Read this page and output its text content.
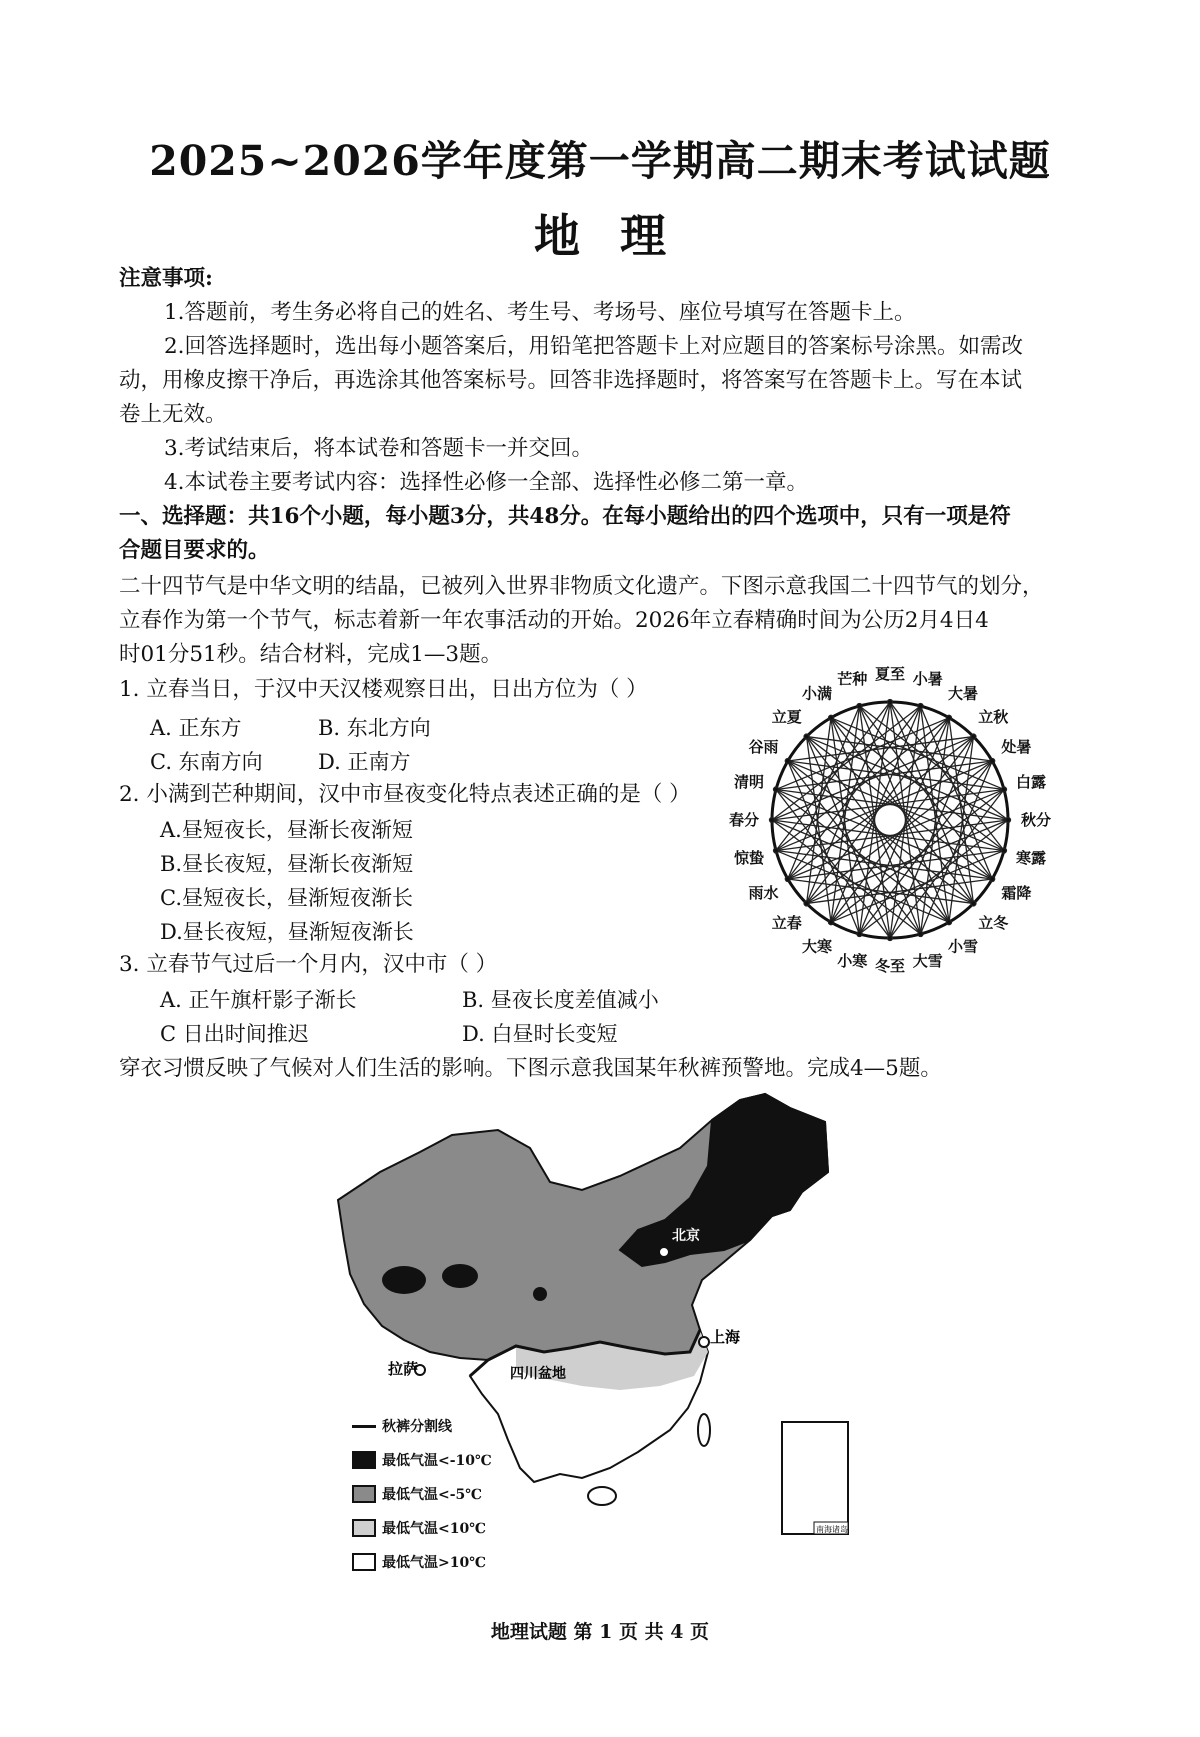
2025~2026学年度第一学期高二期末考试试题
地理
注意事项:
1.答题前，考生务必将自己的姓名、考生号、考场号、座位号填写在答题卡上。
2.回答选择题时，选出每小题答案后，用铅笔把答题卡上对应题目的答案标号涂黑。如需改
动，用橡皮擦干净后，再选涂其他答案标号。回答非选择题时，将答案写在答题卡上。写在本试
卷上无效。
3.考试结束后，将本试卷和答题卡一并交回。
4.本试卷主要考试内容：选择性必修一全部、选择性必修二第一章。
一、选择题：共16个小题，每小题3分，共48分。在每小题给出的四个选项中，只有一项是符
合题目要求的。
二十四节气是中华文明的结晶，已被列入世界非物质文化遗产。下图示意我国二十四节气的划分，
立春作为第一个节气，标志着新一年农事活动的开始。2026年立春精确时间为公历2月4日4
时01分51秒。结合材料，完成1—3题。
1. 立春当日，于汉中天汉楼观察日出，日出方位为（ ）
A. 正东方	B. 东北方向
C. 东南方向	D. 正南方
2. 小满到芒种期间，汉中市昼夜变化特点表述正确的是（ ）
A.昼短夜长，昼渐长夜渐短
B.昼长夜短，昼渐长夜渐短
C.昼短夜长，昼渐短夜渐长
D.昼长夜短，昼渐短夜渐长
3. 立春节气过后一个月内，汉中市（ ）
A. 正午旗杆影子渐长	B. 昼夜长度差值减小
C 日出时间推迟	D. 白昼时长变短
穿衣习惯反映了气候对人们生活的影响。下图示意我国某年秋裤预警地。完成4—5题。
夏至 小暑
大暑
立秋
处暑
白露
秋分
寒露
霜降
立冬
小雪
大雪
冬至
小寒
大寒
立春
雨水
惊蛰
春分
清明
谷雨
立夏
小满
芒种
拉萨	四川盆地
上海
北京
南海诸岛
秋裤分割线
最低气温<-10℃
最低气温<-5℃
最低气温<10℃
最低气温>10℃
地理试题 第 1 页 共 4 页
